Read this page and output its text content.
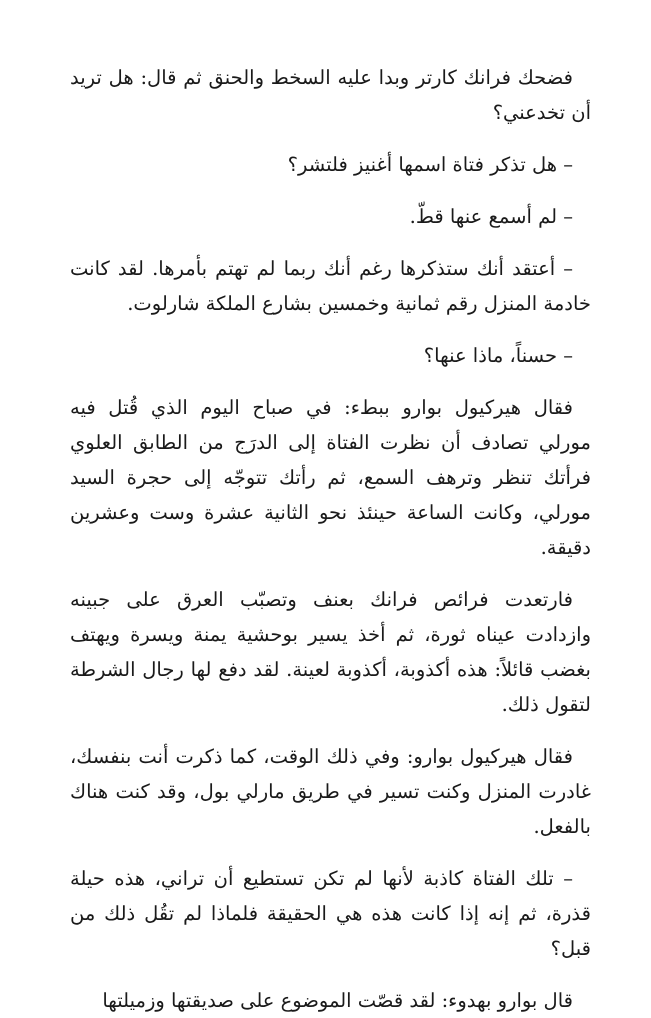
فضحك فرانك كارتر وبدا عليه السخط والحنق ثم قال: هل تريد أن تخدعني؟

– هل تذكر فتاة اسمها أغنيز فلتشر؟

– لم أسمع عنها قطّ.

– أعتقد أنك ستذكرها رغم أنك ربما لم تهتم بأمرها. لقد كانت خادمة المنزل رقم ثمانية وخمسين بشارع الملكة شارلوت.

– حسناً، ماذا عنها؟

فقال هيركيول بوارو ببطء: في صباح اليوم الذي قُتل فيه مورلي تصادف أن نظرت الفتاة إلى الدرَج من الطابق العلوي فرأتك تنظر وترهف السمع، ثم رأتك تتوجّه إلى حجرة السيد مورلي، وكانت الساعة حينئذ نحو الثانية عشرة وست وعشرين دقيقة.

فارتعدت فرائص فرانك بعنف وتصبّب العرق على جبينه وازدادت عيناه ثورة، ثم أخذ يسير بوحشية يمنة ويسرة ويهتف بغضب قائلاً: هذه أكذوبة، أكذوبة لعينة. لقد دفع لها رجال الشرطة لتقول ذلك.

فقال هيركيول بوارو: وفي ذلك الوقت، كما ذكرت أنت بنفسك، غادرت المنزل وكنت تسير في طريق مارلي بول، وقد كنت هناك بالفعل.

– تلك الفتاة كاذبة لأنها لم تكن تستطيع أن تراني، هذه حيلة قذرة، ثم إنه إذا كانت هذه هي الحقيقة فلماذا لم تقُل ذلك من قبل؟

قال بوارو بهدوء: لقد قصّت الموضوع على صديقتها وزميلتها
